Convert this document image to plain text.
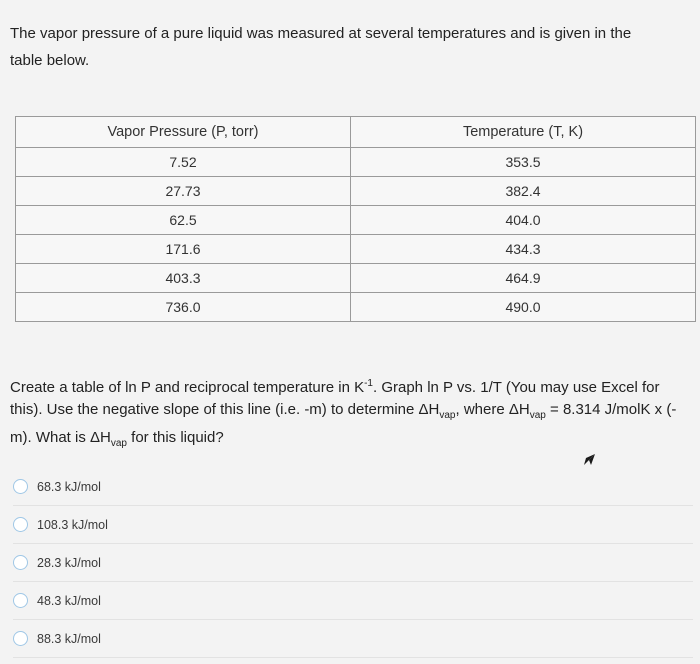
The vapor pressure of a pure liquid was measured at several temperatures and is given in the
table below.
Vapor Pressure (P, torr)	Temperature (T, K)
7.52	353.5
27.73	382.4
62.5	404.0
171.6	434.3
403.3	464.9
736.0	490.0
Create a table of ln P and reciprocal temperature in $K^{-1}$. Graph ln P vs. 1/T (You may use Excel for this). Use the negative slope of this line (i.e. -m) to determine $\Delta H_{vap}$, where $\Delta H_{vap} = 8.314$ J/molK x (-m). What is $\Delta H_{vap}$ for this liquid?
68.3 kJ/mol
108.3 kJ/mol
28.3 kJ/mol
48.3 kJ/mol
88.3 kJ/mol
